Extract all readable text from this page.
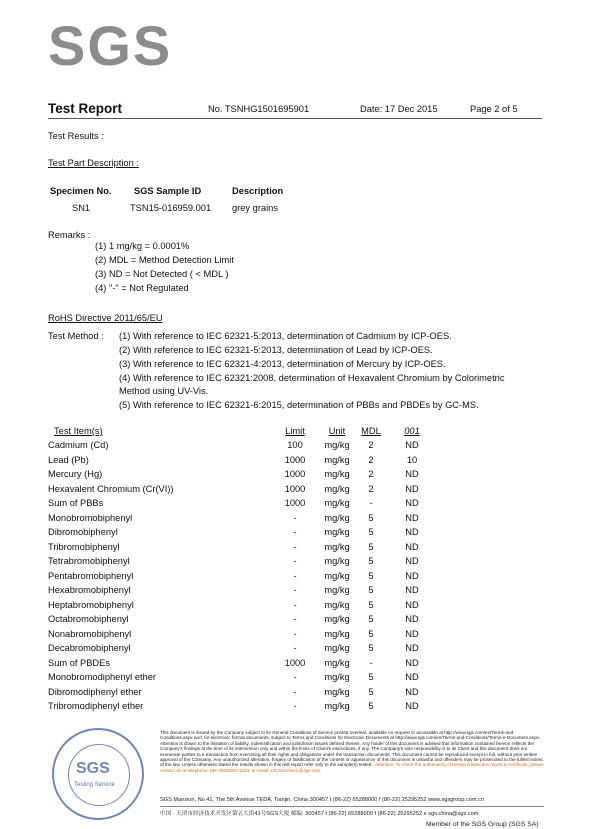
SGS
Test Report	No. TSNHG1501695901	Date: 17 Dec 2015	Page 2 of 5
Test Results :
Test Part Description :
Specimen No. SGS Sample ID	Description
SN1	TSN15-016959.001 grey grains
Remarks :
(1) 1 mg/kg = 0.0001%
(2) MDL = Method Detection Limit
(3) ND = Not Detected ( < MDL )
(4) "-" = Not Regulated
RoHS Directive 2011/65/EU
Test Method : (1) With reference to IEC 62321-5:2013, determination of Cadmium by ICP-OES.
(2) With reference to IEC 62321-5:2013, determination of Lead by ICP-OES.
(3) With reference to IEC 62321-4:2013, determination of Mercury by ICP-OES.
(4) With reference to IEC 62321:2008, determination of Hexavalent Chromium by Colorimetric
Method using UV-Vis.
(5) With reference to IEC 62321-6:2015, determination of PBBs and PBDEs by GC-MS.
Test Item(s)	Limit	Unit	MDL	001
Cadmium (Cd)	100	mg/kg	2	ND
Lead (Pb)	1000	mg/kg	2	10
Mercury (Hg)	1000	mg/kg	2	ND
Hexavalent Chromium (Cr(VI))	1000	mg/kg	2	ND
Sum of PBBs	1000	mg/kg	-	ND
Monobromobiphenyl	-	mg/kg	5	ND
Dibromobiphenyl	-	mg/kg	5	ND
Tribromobiphenyl	-	mg/kg	5	ND
Tetrabromobiphenyl	-	mg/kg	5	ND
Pentabromobiphenyl	-	mg/kg	5	ND
Hexabromobiphenyl	-	mg/kg	5	ND
Heptabromobiphenyl	-	mg/kg	5	ND
Octabromobiphenyl	-	mg/kg	5	ND
Nonabromobiphenyl	-	mg/kg	5	ND
Decabromobiphenyl	-	mg/kg	5	ND
Sum of PBDEs	1000	mg/kg	-	ND
Monobromodiphenyl ether	-	mg/kg	5	ND
Dibromodiphenyl ether	-	mg/kg	5	ND
Tribromodiphenyl ether	-	mg/kg	5	ND
SGS
Testing Service
This document is issued by the Company subject to its General Conditions of Service printed overleaf, available on request or accessible at http://www.sgs.com/en/Terms-and-Conditions.aspx and, for electronic format documents, subject to Terms and Conditions for Electronic Documents at http://www.sgs.com/en/Terms-and-Conditions/Terms-e-Document.aspx. Attention is drawn to the limitation of liability, indemnification and jurisdiction issues defined therein. Any holder of this document is advised that information contained hereon reflects the Company's findings at the time of its intervention only and within the limits of Client's instructions, if any. The Company's sole responsibility is to its Client and this document does not exonerate parties to a transaction from exercising all their rights and obligations under the transaction documents. This document cannot be reproduced except in full, without prior written approval of the Company. Any unauthorized alteration, forgery or falsification of the content or appearance of this document is unlawful and offenders may be prosecuted to the fullest extent of the law. Unless otherwise stated the results shown in this test report refer only to the sample(s) tested . Attention: To check the authenticity of testing /inspection report & certificate, please contact us at telephone: (86-755)8307 1443, or email: CN.Doccheck@sgs.com
SGS Mansion, No.41, The 5th Avenue TEDA, Tianjin, China 300457 t (86-22) 65288000 f (86-22) 25295252 www.sgsgroup.com.cn
中国 · 天津市经济技术开发区第五大街41号SGS大厦 邮编: 300457 t (86-22) 65288000 f (86-22) 25295252 e sgs.china@sgs.com
Member of the SGS Group (SGS SA)
